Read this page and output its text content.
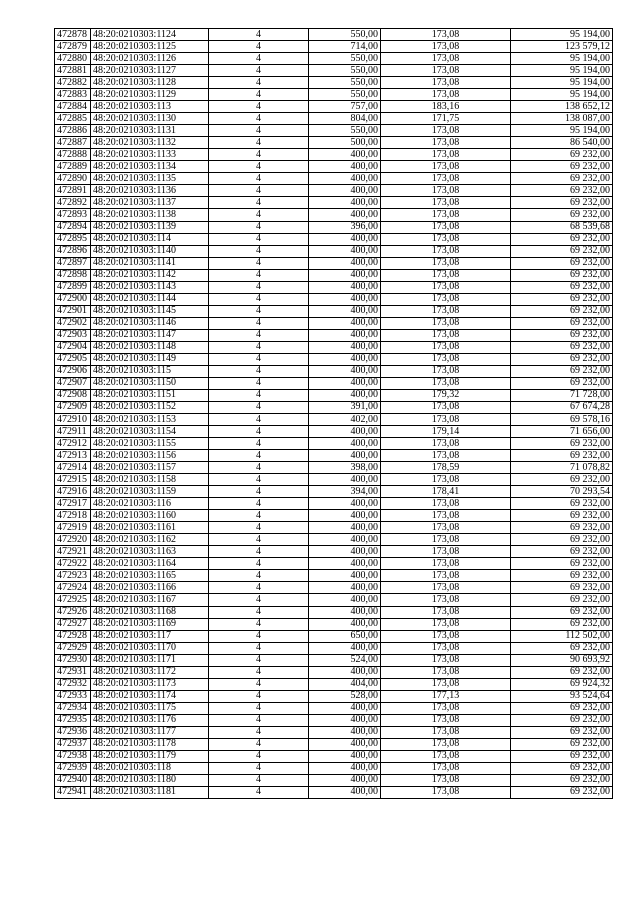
472878	48:20:0210303:1124	4	550,00	173,08	95 194,00
472879	48:20:0210303:1125	4	714,00	173,08	123 579,12
472880	48:20:0210303:1126	4	550,00	173,08	95 194,00
472881	48:20:0210303:1127	4	550,00	173,08	95 194,00
472882	48:20:0210303:1128	4	550,00	173,08	95 194,00
472883	48:20:0210303:1129	4	550,00	173,08	95 194,00
472884	48:20:0210303:113	4	757,00	183,16	138 652,12
472885	48:20:0210303:1130	4	804,00	171,75	138 087,00
472886	48:20:0210303:1131	4	550,00	173,08	95 194,00
472887	48:20:0210303:1132	4	500,00	173,08	86 540,00
472888	48:20:0210303:1133	4	400,00	173,08	69 232,00
472889	48:20:0210303:1134	4	400,00	173,08	69 232,00
472890	48:20:0210303:1135	4	400,00	173,08	69 232,00
472891	48:20:0210303:1136	4	400,00	173,08	69 232,00
472892	48:20:0210303:1137	4	400,00	173,08	69 232,00
472893	48:20:0210303:1138	4	400,00	173,08	69 232,00
472894	48:20:0210303:1139	4	396,00	173,08	68 539,68
472895	48:20:0210303:114	4	400,00	173,08	69 232,00
472896	48:20:0210303:1140	4	400,00	173,08	69 232,00
472897	48:20:0210303:1141	4	400,00	173,08	69 232,00
472898	48:20:0210303:1142	4	400,00	173,08	69 232,00
472899	48:20:0210303:1143	4	400,00	173,08	69 232,00
472900	48:20:0210303:1144	4	400,00	173,08	69 232,00
472901	48:20:0210303:1145	4	400,00	173,08	69 232,00
472902	48:20:0210303:1146	4	400,00	173,08	69 232,00
472903	48:20:0210303:1147	4	400,00	173,08	69 232,00
472904	48:20:0210303:1148	4	400,00	173,08	69 232,00
472905	48:20:0210303:1149	4	400,00	173,08	69 232,00
472906	48:20:0210303:115	4	400,00	173,08	69 232,00
472907	48:20:0210303:1150	4	400,00	173,08	69 232,00
472908	48:20:0210303:1151	4	400,00	179,32	71 728,00
472909	48:20:0210303:1152	4	391,00	173,08	67 674,28
472910	48:20:0210303:1153	4	402,00	173,08	69 578,16
472911	48:20:0210303:1154	4	400,00	179,14	71 656,00
472912	48:20:0210303:1155	4	400,00	173,08	69 232,00
472913	48:20:0210303:1156	4	400,00	173,08	69 232,00
472914	48:20:0210303:1157	4	398,00	178,59	71 078,82
472915	48:20:0210303:1158	4	400,00	173,08	69 232,00
472916	48:20:0210303:1159	4	394,00	178,41	70 293,54
472917	48:20:0210303:116	4	400,00	173,08	69 232,00
472918	48:20:0210303:1160	4	400,00	173,08	69 232,00
472919	48:20:0210303:1161	4	400,00	173,08	69 232,00
472920	48:20:0210303:1162	4	400,00	173,08	69 232,00
472921	48:20:0210303:1163	4	400,00	173,08	69 232,00
472922	48:20:0210303:1164	4	400,00	173,08	69 232,00
472923	48:20:0210303:1165	4	400,00	173,08	69 232,00
472924	48:20:0210303:1166	4	400,00	173,08	69 232,00
472925	48:20:0210303:1167	4	400,00	173,08	69 232,00
472926	48:20:0210303:1168	4	400,00	173,08	69 232,00
472927	48:20:0210303:1169	4	400,00	173,08	69 232,00
472928	48:20:0210303:117	4	650,00	173,08	112 502,00
472929	48:20:0210303:1170	4	400,00	173,08	69 232,00
472930	48:20:0210303:1171	4	524,00	173,08	90 693,92
472931	48:20:0210303:1172	4	400,00	173,08	69 232,00
472932	48:20:0210303:1173	4	404,00	173,08	69 924,32
472933	48:20:0210303:1174	4	528,00	177,13	93 524,64
472934	48:20:0210303:1175	4	400,00	173,08	69 232,00
472935	48:20:0210303:1176	4	400,00	173,08	69 232,00
472936	48:20:0210303:1177	4	400,00	173,08	69 232,00
472937	48:20:0210303:1178	4	400,00	173,08	69 232,00
472938	48:20:0210303:1179	4	400,00	173,08	69 232,00
472939	48:20:0210303:118	4	400,00	173,08	69 232,00
472940	48:20:0210303:1180	4	400,00	173,08	69 232,00
472941	48:20:0210303:1181	4	400,00	173,08	69 232,00
